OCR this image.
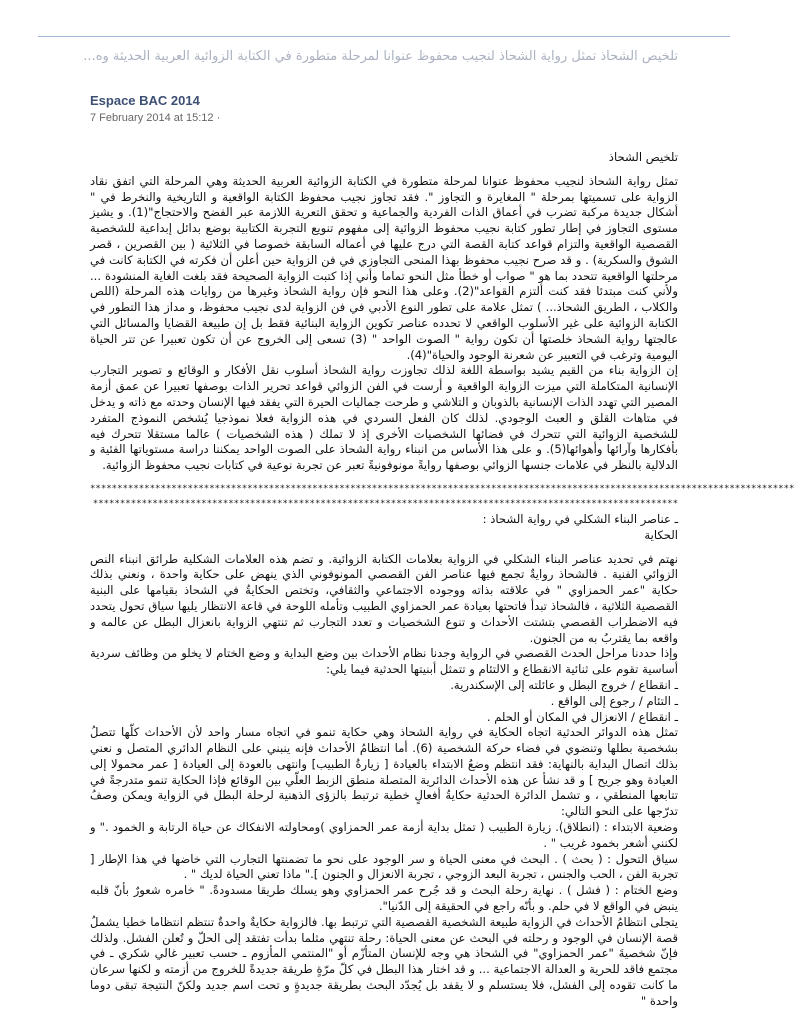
تلخيص الشحاذ تمثل رواية الشحاذ لنجيب محفوظ عنوانا لمرحلة متطورة في الكتابة الزوائية العربية الحديثة وه...
Espace BAC 2014
7 February 2014 at 15:12 ·

تلخيص الشحاذ

تمثل رواية الشحاذ لنجيب محفوظ عنوانا لمرحلة متطورة في الكتابة الزوائية العربية الحديثة وهي المرحلة التي اتفق نقاد الزواية على تسميتها بمرحلة " المغايرة و التجاوز ". فقد تجاوز نجيب محفوظ الكتابة الواقعية و التاريخية والنخرط في " أشكال جديدة مركبة تضرب في أعماق الذات الفردية والجماعية و تحقق التعرية اللازمة عبر الفضح والاحتجاج"(1). و يشيز مستوى التجاوز في إطار تطور كتابة نجيب محفوظ الزوائية إلى مفهوم تنويع التجربة الكتابية بوضع بدائل إبداعية للشخصية القصصية الواقعية والتزام قواعد كتابة القصة التي درج عليها في أعماله السابقة خصوصا في الثلاثية ( بين القصرين ، قصر الشوق والسكرية) . و قد صرح نجيب محفوظ بهذا المنحى التجاوزي في فن الزواية حين أعلن أن فكرته في الكتابة كانت في مرحلتها الواقعية تتحدد بما هو " صواب أو خطأ مثل النحو تماما وأني إذا كتبت الزواية الصحيحة فقد بلغت الغاية المنشودة ... ولأني كنت مبتدئا فقد كنت ألتزم القواعد"(2). وعلى هذا النحو فإن رواية الشحاذ وغيرها من روايات هذه المرحلة (اللص والكلاب ، الطريق الشحاذ... ) تمثل علامة على تطور النوع الأدبي في فن الزواية لدى نجيب محفوظ، و مداز هذا التطور في الكتابة الزوائية على غير الأسلوب الواقعي لا تحدده عناصر تكوين الزواية البنائية فقط بل إن طبيعة القضايا والمسائل التي عالجتها رواية الشحاذ خلصتها أن تكون رواية " الصوت الواحد " (3) تسعى إلى الخروج عن أن تكون تعبيرا عن تتر الحياة اليومية وترغب في التعبير عن شعرنة الوجود والحياة"(4).

إن الزواية بناء من القيم يشيد بواسطة اللغة لذلك تجاوزت رواية الشحاذ أسلوب نقل الأفكار و الوقائع و تصوير التجارب الإنسانية المتكاملة التي ميزت الزواية الواقعية و أرست في الفن الزوائي قواعد تحرير الذات بوصفها تعبيرا عن عمق أزمة المصير التي تهدد الذات الإنسانية بالذوبان و التلاشي و طرحت جماليات الحيرة التي يفقد فيها الإنسان وحدته مع ذاته و يدخل في متاهات القلق و العبث الوجودي. لذلك كان الفعل السردي في هذه الزواية فعلا نموذجيا يُشخص النموذج المتفرد للشخصية الزوائية التي تتحرك في فضائها الشخصيات الأخرى إذ لا تملك ( هذه الشخصيات ) عالما مستقلا تتحرك فيه بأفكارها وآرائها وأهوائها(5). و على هذا الأساس من انبناء رواية الشحاذ على الصوت الواحد يمكننا دراسة مستوياتها الفئية و الدلالية بالنظر في علامات جنسها الزوائي بوصفها روايةً مونوفونيةً تعبر عن تجربة نوعية في كتابات نجيب محفوظ الزوائية.

**********************************************************************************************************************************
************************************************************************************************************

ـ عناصر البناء الشكلي في رواية الشحاذ :

الحكاية

نهتم في تحديد عناصر البناء الشكلي في الزواية بعلامات الكتابة الزوائية. و تضم هذه العلامات الشكلية طرائق انبناء النص الزوائي الفنية . فالشحاذ روايةٌ تجمع فيها عناصر الفن القصصي المونوفوني الذي ينهض على حكاية واحدة ، ونعني بذلك حكاية "عمر الحمزاوي " في علاقته بذاته ووجوده الاجتماعي والثقافي، وتختص الحكايةُ في الشحاذ بقيامها على البنية القصصية الثلاثية ، فالشحاذ تبدأ فاتحتها بعيادة عمر الحمزاوي الطبيب وتأمله اللوحة في قاعة الانتظار يليها سياق تحول يتحدد فيه الاضطراب القصصي بتشتت الأحداث و تنوع الشخصيات و تعدد التجارب ثم تنتهي الزواية بانعزال البطل عن عالمه و واقعه بما يقتربُ به من الجنون.

وإذا حددنا مراحل الحدث القصصي في الرواية وجدنا نظام الأحداث بين وضع البداية و وضع الختام لا يخلو من وظائف سردية أساسية تقوم على ثنائية الانقطاع و الالتئام و تتمثل أبنيتها الحدثية فيما يلي:

ـ انقطاع / خروج البطل و عائلته إلى الإسكندرية.

ـ التئام / رجوع إلى الواقع .

ـ انقطاع / الانعزال في المكان أو الحلم .

تمثل هذه الدوائر الحدثية اتجاه الحكاية في رواية الشحاذ وهي حكاية تنمو في اتجاه مسار واحد لأن الأحداث كلّها تتصلُ بشخصية بطلها وتنضوي في فضاء حركة الشخصية (6). أما انتظامُ الأحداث فإنه ينبني على النظام الدائري المتصل و نعني بذلك اتصال البداية بالنهاية: فقد انتظم وضعُ الابتداء بالعيادة [ زيارةُ الطبيب] وانتهى بالعودة إلى العيادة [ عمر محمولا إلى العيادة وهو جريح ] و قد نشأ عن هذه الأحداث الدائرية المتصلة منطق الزبط العلّي بين الوقائع فإذا الحكاية تنمو متدرجةً في تتابعها المنطقي ، و تشمل الدائرة الحدثية حكايةُ أفعالٍ خطية ترتبط بالزؤى الذهنية لرحلة البطل في الزواية ويمكن وصفُ تدرّجها على النحو التالي:

وضعية الابتداء : (انطلاق). زيارة الطبيب ( تمثل بداية أزمة عمر الحمزاوي )ومحاولته الانفكاك عن حياة الرتابة و الخمود ." و لكنني أشعر بخمود غريب " .

سياق التحول : ( بحث ) . البحث في معنى الحياة و سر الوجود على نحو ما تضمنتها التجارب التي خاضها في هذا الإطار [ تجربة الفن ، الحب والجنس ، تجربة البعد الزوجي ، تجربة الانعزال و الجنون ]." ماذا تعني الحياة لديك " .

وضع الختام : ( فشل ) . نهاية رحلة البحث و قد جُرح عمر الحمزاوي وهو يسلك طريقا مسدودةً. " خامره شعورٌ بأنّ قلبه ينبض في الواقع لا في حلم. و بأنّه راجع في الحقيقة إلى الدّنيا".

يتجلى انتظامُ الأحداث في الزواية طبيعة الشخصية القصصية التي ترتبط بها. فالزواية حكايةٌ واحدةٌ تنتظم انتظاما خطيا يشملُ قصة الإنسان في الوجود و رحلته في البحث عن معنى الحياة: رحلة تنتهي مثلما بدأت تفتقد إلى الحلّ و تُعلن الفشل. ولذلك فإنّ شخصيةَ "عمر الحمزاوي" في الشحاذ هي وجه للإنسان المتأزّم أو "المنتمي المأزوم ـ حسب تعبير غالي شكري ـ في مجتمع فاقد للحرية و العدالة الاجتماعية ... و قد اختار هذا البطل في كلّ مرّةٍ طريقة جديدةً للخروج من أزمته و لكنها سرعان ما كانت تقوده إلى الفشل، فلا يستسلم و لا يقفد بل يُجدّد البحث بطريقة جديدةٍ و تحت اسم جديد ولكنّ النتيجة تبقى دوما واحدة "
